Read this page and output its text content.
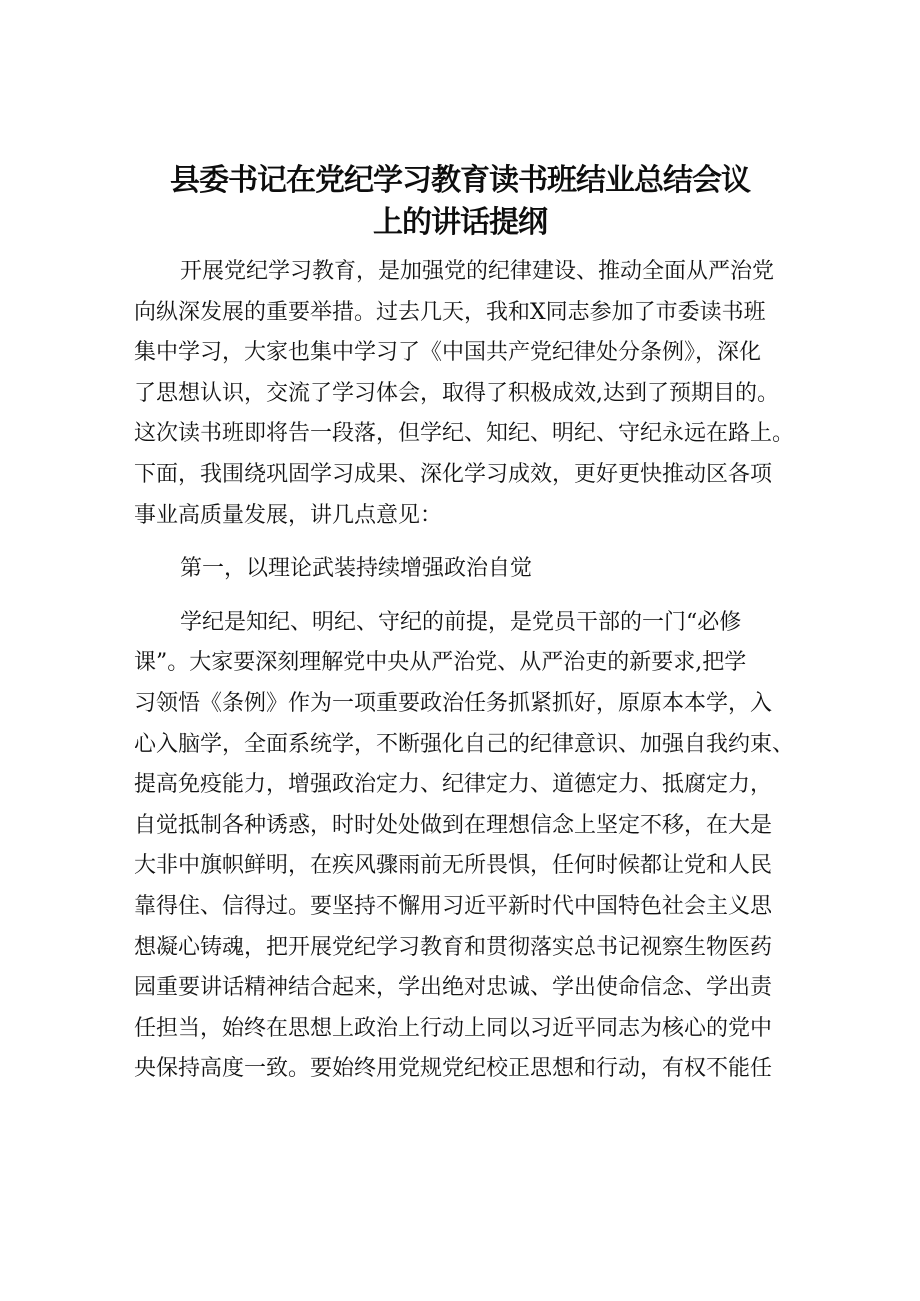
县委书记在党纪学习教育读书班结业总结会议
上的讲话提纲

开展党纪学习教育，是加强党的纪律建设、推动全面从严治党
向纵深发展的重要举措。过去几天，我和X同志参加了市委读书班
集中学习，大家也集中学习了《中国共产党纪律处分条例》，深化
了思想认识，交流了学习体会，取得了积极成效,达到了预期目的。
这次读书班即将告一段落，但学纪、知纪、明纪、守纪永远在路上。
下面，我围绕巩固学习成果、深化学习成效，更好更快推动区各项
事业高质量发展，讲几点意见：

第一，以理论武装持续增强政治自觉

学纪是知纪、明纪、守纪的前提，是党员干部的一门“必修
课”。大家要深刻理解党中央从严治党、从严治吏的新要求,把学
习领悟《条例》作为一项重要政治任务抓紧抓好，原原本本学，入
心入脑学，全面系统学，不断强化自己的纪律意识、加强自我约束、
提高免疫能力，增强政治定力、纪律定力、道德定力、抵腐定力，
自觉抵制各种诱惑，时时处处做到在理想信念上坚定不移，在大是
大非中旗帜鲜明，在疾风骤雨前无所畏惧，任何时候都让党和人民
靠得住、信得过。要坚持不懈用习近平新时代中国特色社会主义思
想凝心铸魂，把开展党纪学习教育和贯彻落实总书记视察生物医药
园重要讲话精神结合起来，学出绝对忠诚、学出使命信念、学出责
任担当，始终在思想上政治上行动上同以习近平同志为核心的党中
央保持高度一致。要始终用党规党纪校正思想和行动，有权不能任
